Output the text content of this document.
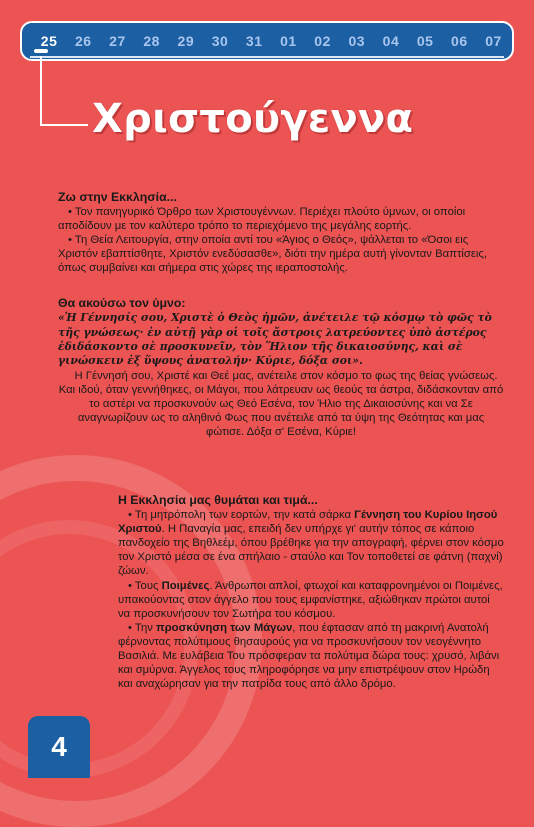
25	26	27	28	29	30	31	01	02	03	04	05	06	07
Χριστούγεννα
Ζω στην Εκκλησία...

• Τον πανηγυρικό Όρθρο των Χριστουγέννων. Περιέχει πλούτο ύμνων, οι οποίοι αποδίδουν με τον καλύτερο τρόπο το περιεχόμενο της μεγάλης εορτής.

• Τη Θεία Λειτουργία, στην οποία αντί του «Άγιος ο Θεός», ψάλλεται το «Όσοι εις Χριστόν εβαπτίσθητε, Χριστόν ενεδύσασθε», διότι την ημέρα αυτή γίνονταν Βαπτίσεις, όπως συμβαίνει και σήμερα στις χώρες της ιεραποστολής.

Θα ακούσω τον ύμνο:

«Ἡ Γέννησίς σου, Χριστὲ ὁ Θεὸς ἡμῶν, ἀνέτειλε τῷ κόσμῳ τὸ φῶς τὸ τῆς γνώσεως· ἐν αὐτῇ γὰρ οἱ τοῖς ἄστροις λατρεύοντες ὑπὸ ἀστέρος ἐδιδάσκοντο σὲ προσκυνεῖν, τὸν Ἥλιον τῆς δικαιοσύνης, καὶ σὲ γινώσκειν ἐξ ὕψους ἀνατολήν· Κύριε, δόξα σοι».

Η Γέννησή σου, Χριστέ και Θεέ μας, ανέτειλε στον κόσμο το φως της θείας γνώσεως. Και ιδού, όταν γεννήθηκες, οι Μάγοι, που λάτρευαν ως θεούς τα άστρα, διδάσκονταν από το αστέρι να προσκυνούν ως Θεό Εσένα, τον Ήλιο της Δικαιοσύνης και να Σε αναγνωρίζουν ως το αληθινό Φως που ανέτειλε από τα ύψη της Θεότητας και μας φώτισε. Δόξα σ' Εσένα, Κύριε!

Η Εκκλησία μας θυμάται και τιμά...

• Τη μητρόπολη των εορτών, την κατά σάρκα Γέννηση του Κυρίου Ιησού Χριστού. Η Παναγία μας, επειδή δεν υπήρχε γι' αυτήν τόπος σε κάποιο πανδοχείο της Βηθλεέμ, όπου βρέθηκε για την απογραφή, φέρνει στον κόσμο τον Χριστό μέσα σε ένα σπήλαιο - σταύλο και Τον τοποθετεί σε φάτνη (παχνί) ζώων.

• Τους Ποιμένες. Άνθρωποι απλοί, φτωχοί και καταφρονημένοι οι Ποιμένες, υπακούοντας στον άγγελο που τους εμφανίστηκε, αξιώθηκαν πρώτοι αυτοί να προσκυνήσουν τον Σωτήρα του κόσμου.

• Την προσκύνηση των Μάγων, που έφτασαν από τη μακρινή Ανατολή φέρνοντας πολύτιμους θησαυρούς για να προσκυνήσουν τον νεογέννητο Βασιλιά. Με ευλάβεια Του πρόσφεραν τα πολύτιμα δώρα τους: χρυσό, λιβάνι και σμύρνα. Άγγελος τους πληροφόρησε να μην επιστρέψουν στον Ηρώδη και αναχώρησαν για την πατρίδα τους από άλλο δρόμο.

4
